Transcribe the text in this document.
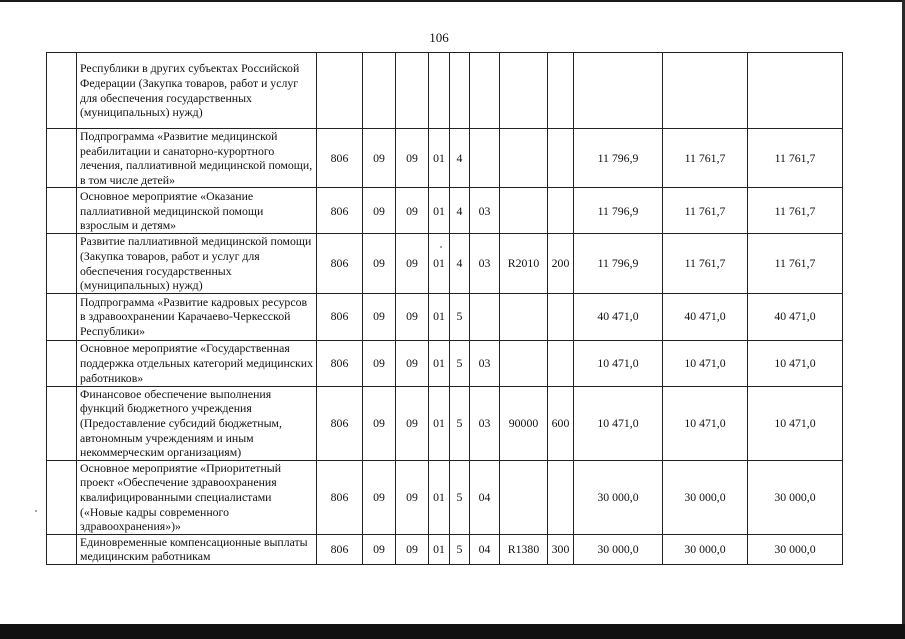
106
	Республики в других субъектах Российской Федерации (Закупка товаров, работ и услуг для обеспечения государственных (муниципальных) нужд)											
	Подпрограмма «Развитие медицинской реабилитации и санаторно-курортного лечения, паллиативной медицинской помощи, в том числе детей»	806	09	09	01	4				11 796,9	11 761,7	11 761,7
	Основное мероприятие «Оказание паллиативной медицинской помощи взрослым и детям»	806	09	09	01	4	03			11 796,9	11 761,7	11 761,7
	Развитие паллиативной медицинской помощи (Закупка товаров, работ и услуг для обеспечения государственных (муниципальных) нужд)	806	09	09	01	4	03	R2010	200	11 796,9	11 761,7	11 761,7
	Подпрограмма «Развитие кадровых ресурсов в здравоохранении Карачаево-Черкесской Республики»	806	09	09	01	5				40 471,0	40 471,0	40 471,0
	Основное мероприятие «Государственная поддержка отдельных категорий медицинских работников»	806	09	09	01	5	03			10 471,0	10 471,0	10 471,0
	Финансовое обеспечение выполнения функций бюджетного учреждения (Предоставление субсидий бюджетным, автономным учреждениям и иным некоммерческим организациям)	806	09	09	01	5	03	90000	600	10 471,0	10 471,0	10 471,0
	Основное мероприятие «Приоритетный проект «Обеспечение здравоохранения квалифицированными специалистами («Новые кадры современного здравоохранения»)»	806	09	09	01	5	04			30 000,0	30 000,0	30 000,0
	Единовременные компенсационные выплаты медицинским работникам	806	09	09	01	5	04	R1380	300	30 000,0	30 000,0	30 000,0
